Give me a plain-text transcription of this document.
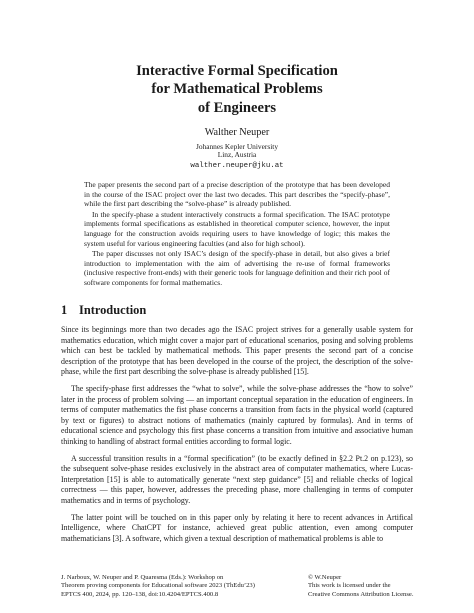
Interactive Formal Specification
for Mathematical Problems
of Engineers
Walther Neuper
Johannes Kepler University
Linz, Austria
walther.neuper@jku.at

The paper presents the second part of a precise description of the prototype that has been developed in the course of the ISAC project over the last two decades. This part describes the “specify-phase”, while the first part describing the “solve-phase” is already published.

In the specify-phase a student interactively constructs a formal specification. The ISAC prototype implements formal specifications as established in theoretical computer science, however, the input language for the construction avoids requiring users to have knowledge of logic; this makes the system useful for various engineering faculties (and also for high school).

The paper discusses not only ISAC’s design of the specify-phase in detail, but also gives a brief introduction to implementation with the aim of advertising the re-use of formal frameworks (inclusive respective front-ends) with their generic tools for language definition and their rich pool of software components for formal mathematics.

1 Introduction

Since its beginnings more than two decades ago the ISAC project strives for a generally usable system for mathematics education, which might cover a major part of educational scenarios, posing and solving problems which can best be tackled by mathematical methods. This paper presents the second part of a concise description of the prototype that has been developed in the course of the project, the description of the solve-phase, while the first part describing the solve-phase is already published [15].

The specify-phase first addresses the “what to solve”, while the solve-phase addresses the “how to solve” later in the process of problem solving — an important conceptual separation in the education of engineers. In terms of computer mathematics the fist phase concerns a transition from facts in the physical world (captured by text or figures) to abstract notions of mathematics (mainly captured by formulas). And in terms of educational science and psychology this first phase concerns a transition from intuitive and associative human thinking to handling of abstract formal entities according to formal logic.

A successful transition results in a “formal specification” (to be exactly defined in §2.2 Pt.2 on p.123), so the subsequent solve-phase resides exclusively in the abstract area of computater mathematics, where Lucas-Interpretation [15] is able to automatically generate “next step guidance” [5] and reliable checks of logical correctness — this paper, however, addresses the preceding phase, more challenging in terms of computer mathematics and in terms of psychology.

The latter point will be touched on in this paper only by relating it here to recent advances in Artifical Intelligence, where ChatCPT for instance, achieved great public attention, even among computer mathematicians [3]. A software, which given a textual description of mathematical problems is able to

J. Narboux, W. Neuper and P. Quaresma (Eds.): Workshop on
Theorem proving components for Educational software 2023 (ThEdu’23)
EPTCS 400, 2024, pp. 120–138, doi:10.4204/EPTCS.400.8
© W.Neuper
This work is licensed under the
Creative Commons Attribution License.
